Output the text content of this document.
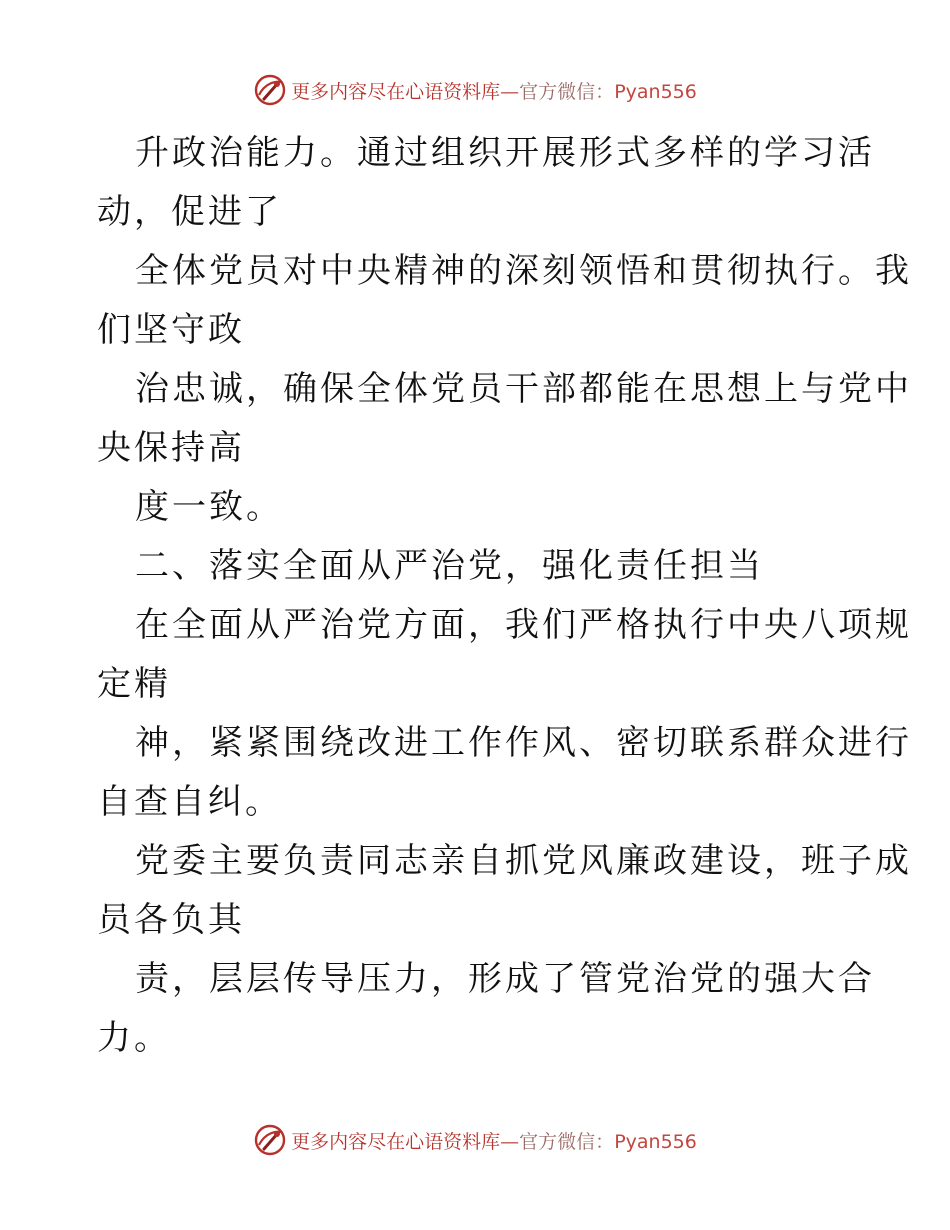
更多内容尽在心语资料库—官方微信：Pyan556

升政治能力。通过组织开展形式多样的学习活

动，促进了

全体党员对中央精神的深刻领悟和贯彻执行。我

们坚守政

治忠诚，确保全体党员干部都能在思想上与党中

央保持高

度一致。

二、落实全面从严治党，强化责任担当

在全面从严治党方面，我们严格执行中央八项规

定精

神，紧紧围绕改进工作作风、密切联系群众进行

自查自纠。

党委主要负责同志亲自抓党风廉政建设，班子成

员各负其

责，层层传导压力，形成了管党治党的强大合

力。

更多内容尽在心语资料库—官方微信：Pyan556
